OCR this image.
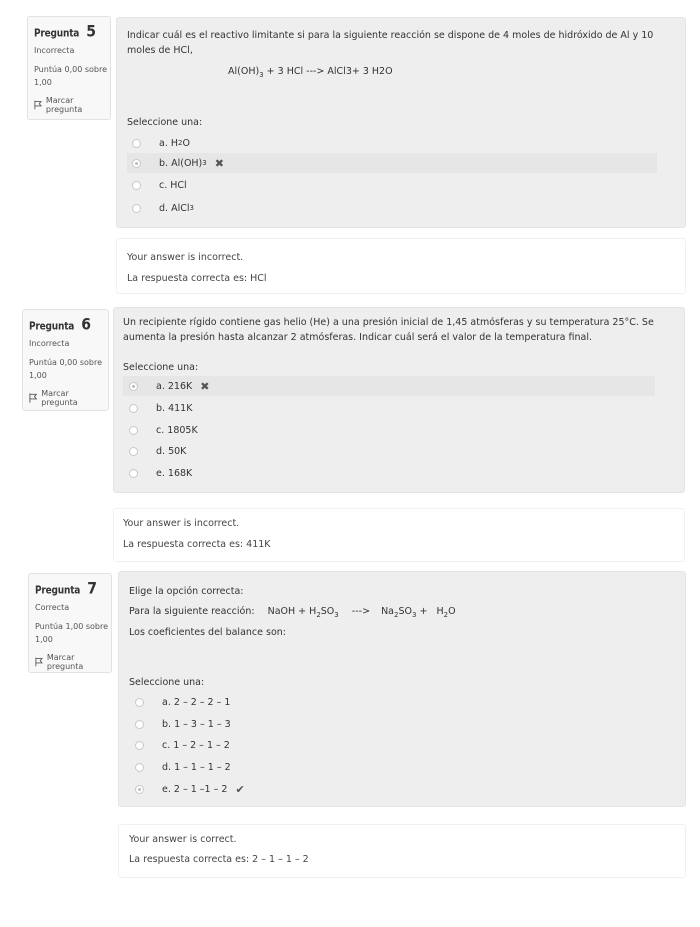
Pregunta 5
Incorrecta
Puntúa 0,00 sobre 1,00
Marcar pregunta
Indicar cuál es el reactivo limitante si para la siguiente reacción se dispone de 4 moles de hidróxido de Al y 10 moles de HCl,
$Al(OH)_3 + 3$ HCl ---> AlCl3+ 3 H2O
Seleccione una:
a.
H 2 O
b.
Al(OH) 3 ✖
c.
HCl
d.
AlCl 3
Your answer is incorrect.
La respuesta correcta es: HCl
Pregunta 6
Incorrecta
Puntúa 0,00 sobre 1,00
Marcar pregunta
Un recipiente rígido contiene gas helio (He) a una presión inicial de 1,45 atmósferas y su temperatura 25°C. Se aumenta la presión hasta alcanzar 2 atmósferas. Indicar cuál será el valor de la temperatura final.
Seleccione una:
a.
216K ✖
b.
411K
c.
1805K
d.
50K
e.
168K
Your answer is incorrect.
La respuesta correcta es: 411K
Pregunta 7
Correcta
Puntúa 1,00 sobre 1,00
Marcar pregunta
Elige la opción correcta:
Para la siguiente reacción: NaOH + $H_2SO_3$ ---> $Na_2SO_3 + H_2O$
Los coeficientes del balance son:
Seleccione una:
a.
2 – 2 – 2 – 1
b.
1 – 3 – 1 – 3
c.
1 – 2 – 1 – 2
d.
1 – 1 – 1 – 2
e.
2 – 1 –1 – 2 ✔
Your answer is correct.
La respuesta correcta es: 2 – 1 – 1 – 2
